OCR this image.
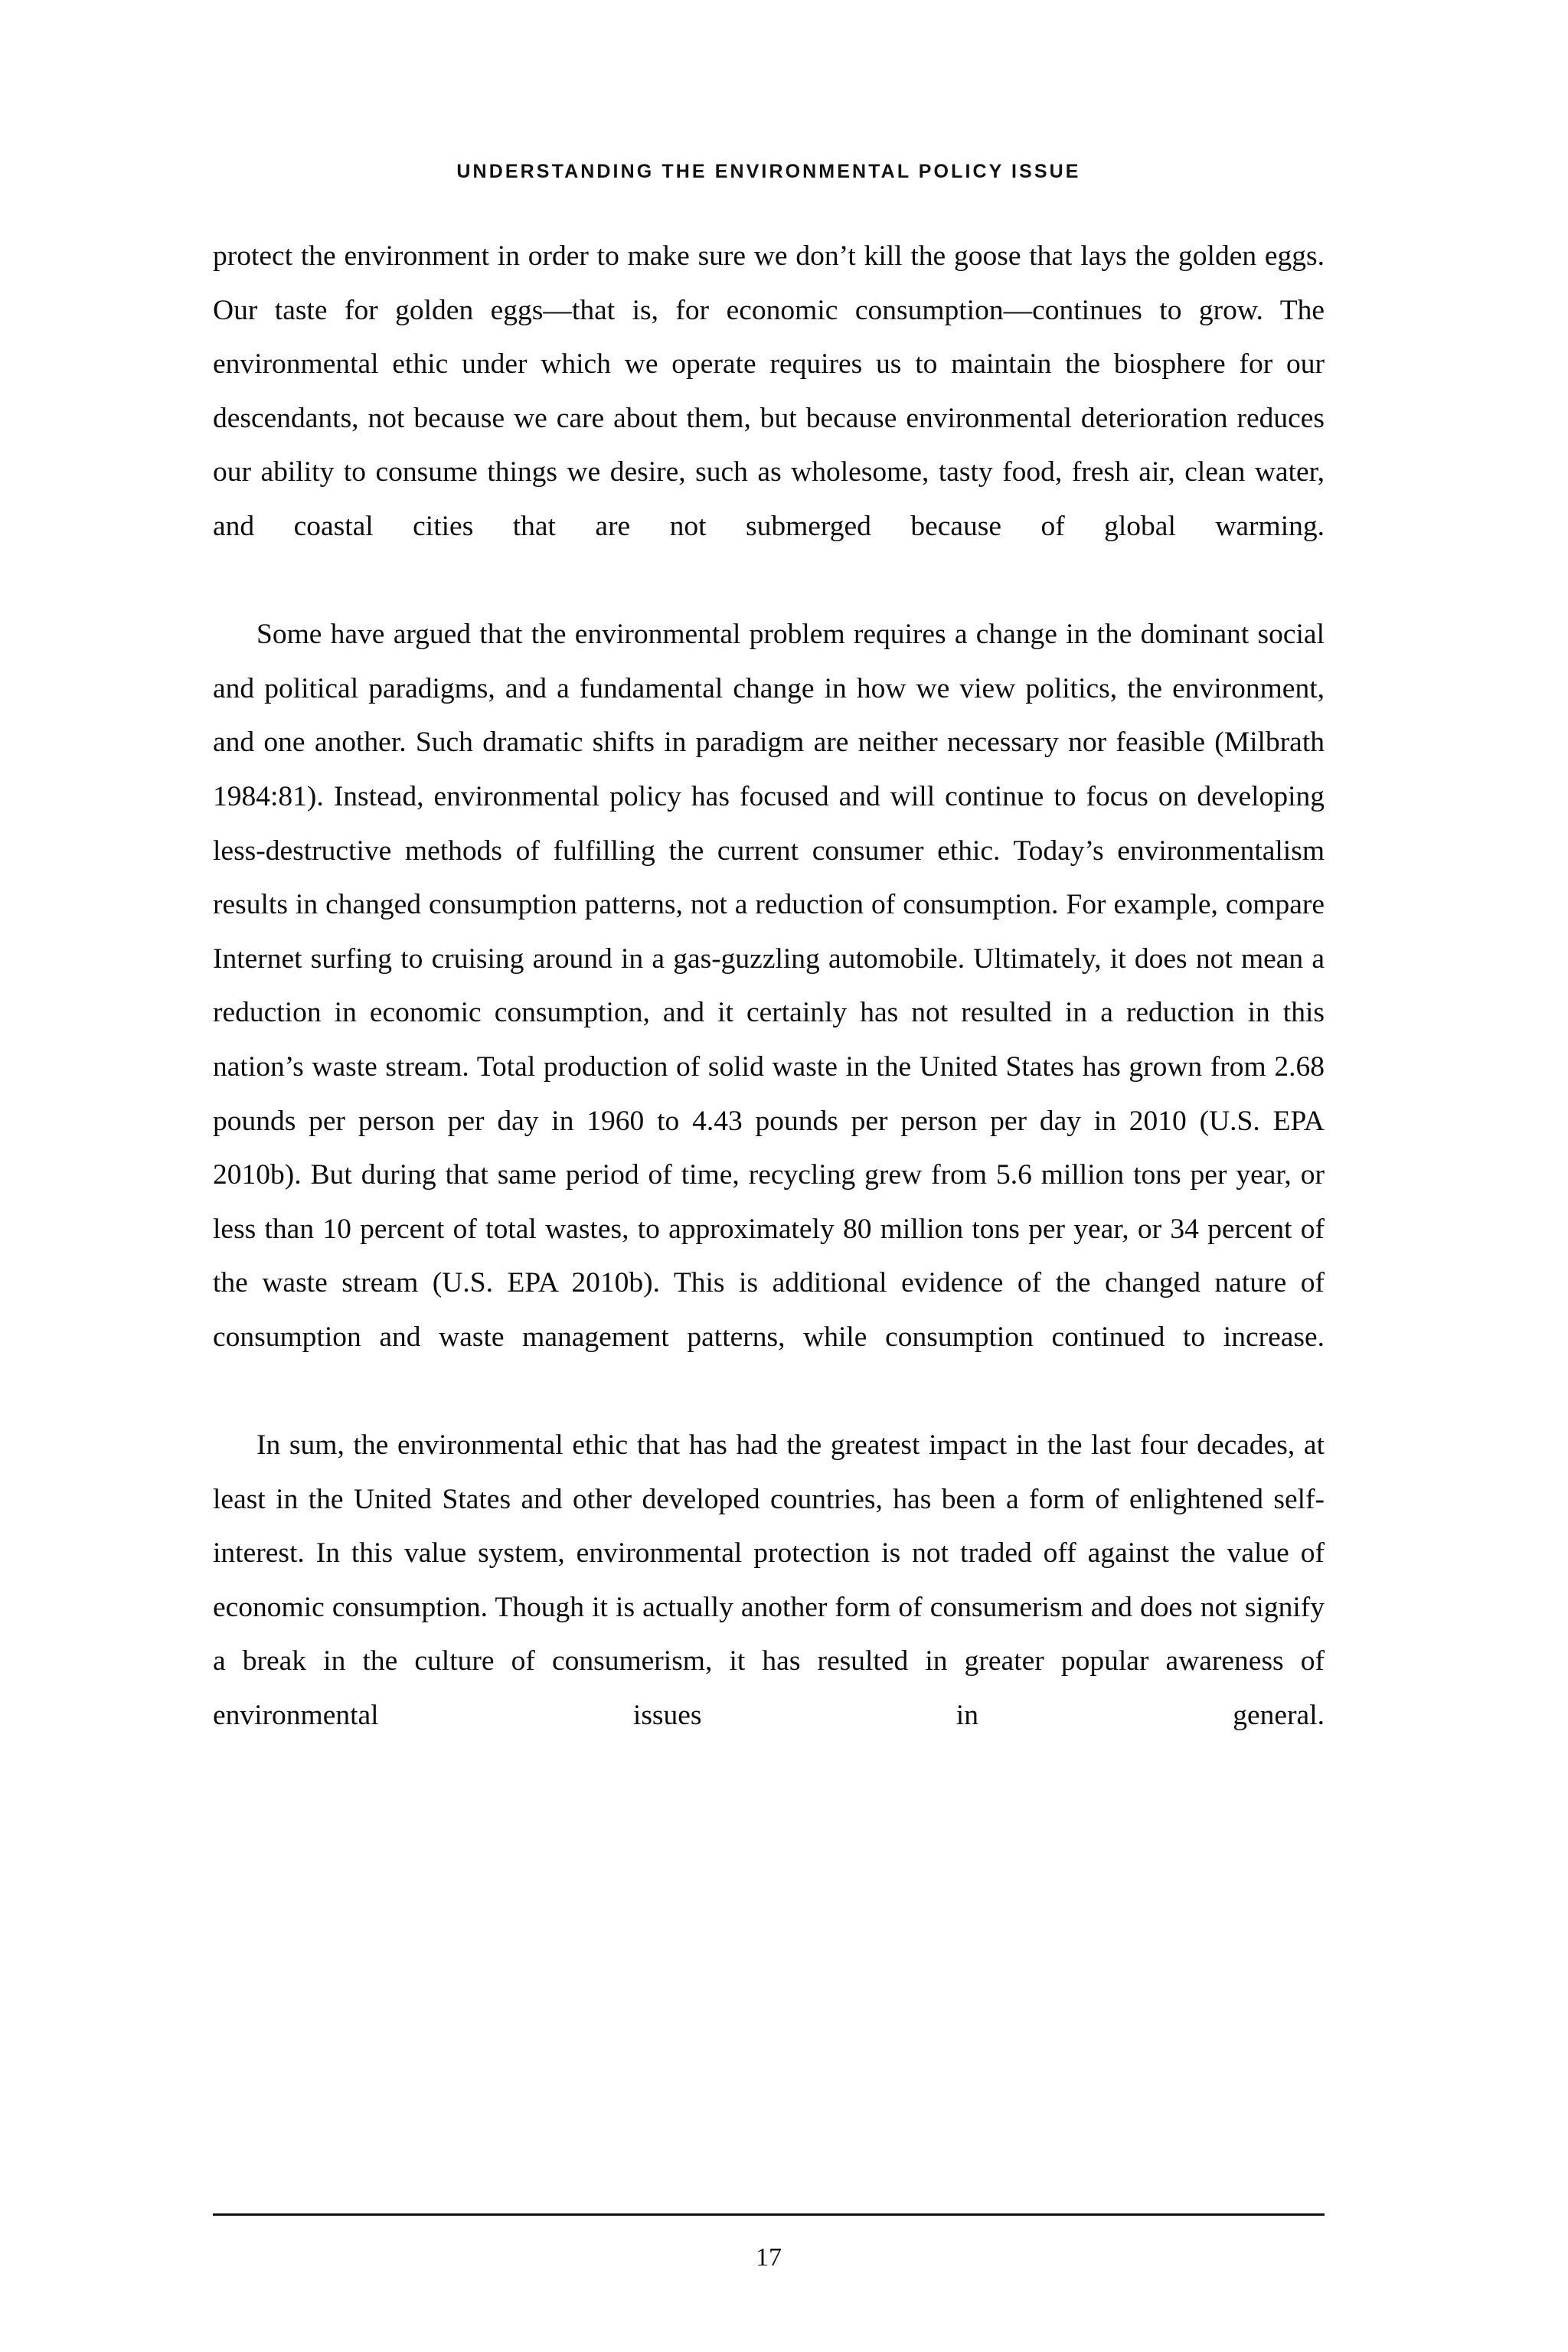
UNDERSTANDING THE ENVIRONMENTAL POLICY ISSUE

protect the environment in order to make sure we don’t kill the goose that lays the golden eggs. Our taste for golden eggs—that is, for economic consumption—continues to grow. The environmental ethic under which we operate requires us to maintain the biosphere for our descendants, not because we care about them, but because environmental deterioration reduces our ability to consume things we desire, such as wholesome, tasty food, fresh air, clean water, and coastal cities that are not submerged because of global warming.

Some have argued that the environmental problem requires a change in the dominant social and political paradigms, and a fundamental change in how we view politics, the environment, and one another. Such dramatic shifts in paradigm are neither necessary nor feasible (Milbrath 1984:81). Instead, environmental policy has focused and will continue to focus on developing less-destructive methods of fulfilling the current consumer ethic. Today’s environmentalism results in changed consumption patterns, not a reduction of consumption. For example, compare Internet surfing to cruising around in a gas-guzzling automobile. Ultimately, it does not mean a reduction in economic consumption, and it certainly has not resulted in a reduction in this nation’s waste stream. Total production of solid waste in the United States has grown from 2.68 pounds per person per day in 1960 to 4.43 pounds per person per day in 2010 (U.S. EPA 2010b). But during that same period of time, recycling grew from 5.6 million tons per year, or less than 10 percent of total wastes, to approximately 80 million tons per year, or 34 percent of the waste stream (U.S. EPA 2010b). This is additional evidence of the changed nature of consumption and waste management patterns, while consumption continued to increase.

In sum, the environmental ethic that has had the greatest impact in the last four decades, at least in the United States and other developed countries, has been a form of enlightened self-interest. In this value system, environmental protection is not traded off against the value of economic consumption. Though it is actually another form of consumerism and does not signify a break in the culture of consumerism, it has resulted in greater popular awareness of environmental issues in general.

17
